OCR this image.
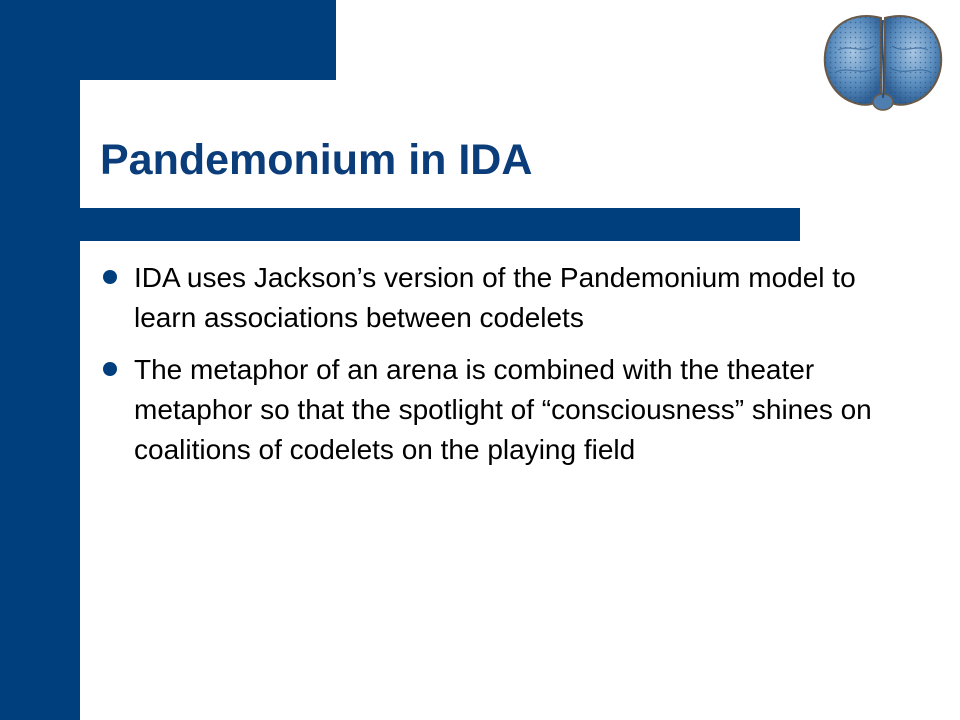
Pandemonium in IDA
IDA uses Jackson’s version of the Pandemonium model to learn associations between codelets
The metaphor of an arena is combined with the theater metaphor so that the spotlight of “consciousness” shines on coalitions of codelets on the playing field
